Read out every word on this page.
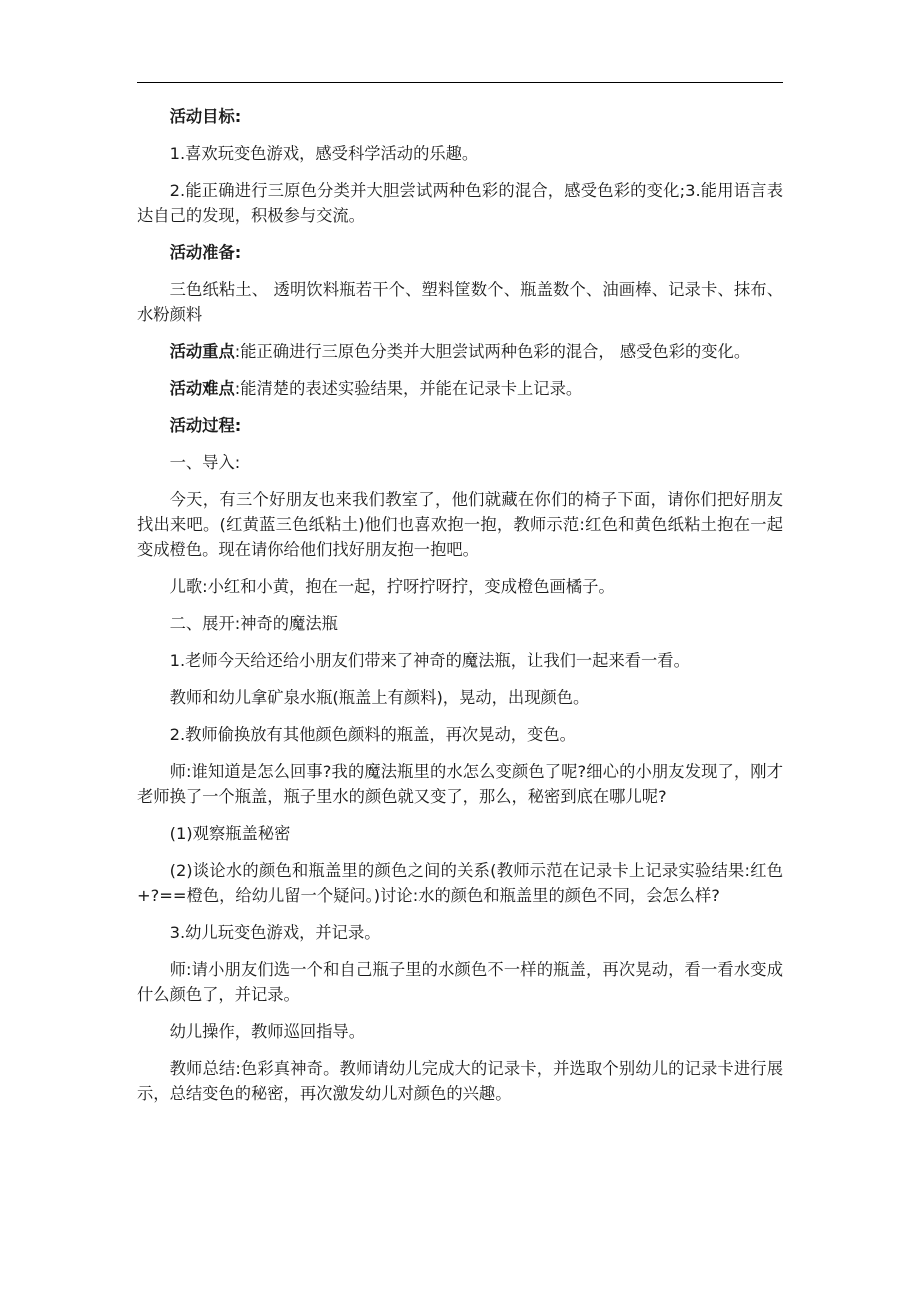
活动目标:

1.喜欢玩变色游戏，感受科学活动的乐趣。

2.能正确进行三原色分类并大胆尝试两种色彩的混合，感受色彩的变化;3.能用语言表达自己的发现，积极参与交流。

活动准备:

三色纸粘土、 透明饮料瓶若干个、塑料筐数个、瓶盖数个、油画棒、记录卡、抹布、水粉颜料

活动重点:能正确进行三原色分类并大胆尝试两种色彩的混合， 感受色彩的变化。

活动难点:能清楚的表述实验结果，并能在记录卡上记录。

活动过程:

一、导入:

今天，有三个好朋友也来我们教室了，他们就藏在你们的椅子下面，请你们把好朋友找出来吧。(红黄蓝三色纸粘土)他们也喜欢抱一抱，教师示范:红色和黄色纸粘土抱在一起变成橙色。现在请你给他们找好朋友抱一抱吧。

儿歌:小红和小黄，抱在一起，拧呀拧呀拧，变成橙色画橘子。

二、展开:神奇的魔法瓶

1.老师今天给还给小朋友们带来了神奇的魔法瓶，让我们一起来看一看。

教师和幼儿拿矿泉水瓶(瓶盖上有颜料)，晃动，出现颜色。

2.教师偷换放有其他颜色颜料的瓶盖，再次晃动，变色。

师:谁知道是怎么回事?我的魔法瓶里的水怎么变颜色了呢?细心的小朋友发现了，刚才老师换了一个瓶盖，瓶子里水的颜色就又变了，那么，秘密到底在哪儿呢?

(1)观察瓶盖秘密

(2)谈论水的颜色和瓶盖里的颜色之间的关系(教师示范在记录卡上记录实验结果:红色+?==橙色，给幼儿留一个疑问。)讨论:水的颜色和瓶盖里的颜色不同，会怎么样?

3.幼儿玩变色游戏，并记录。

师:请小朋友们选一个和自己瓶子里的水颜色不一样的瓶盖，再次晃动，看一看水变成什么颜色了，并记录。

幼儿操作，教师巡回指导。

教师总结:色彩真神奇。教师请幼儿完成大的记录卡，并选取个别幼儿的记录卡进行展示，总结变色的秘密，再次激发幼儿对颜色的兴趣。
